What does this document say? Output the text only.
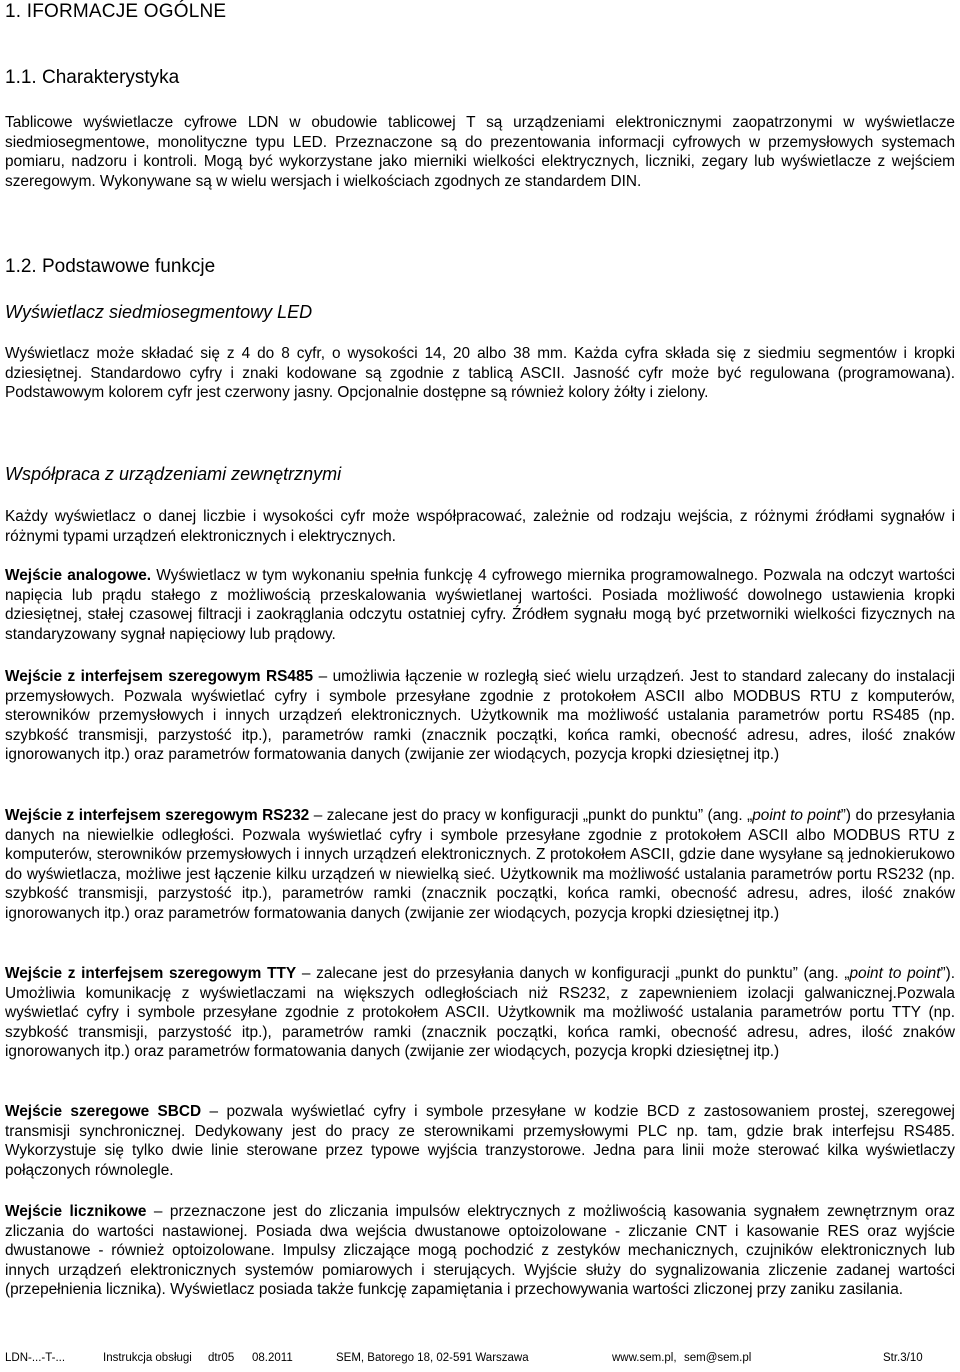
1. IFORMACJE OGÓLNE
1.1. Charakterystyka

Tablicowe wyświetlacze cyfrowe LDN w obudowie tablicowej T są urządzeniami elektronicznymi zaopatrzonymi w wyświetlacze siedmiosegmentowe, monolityczne typu LED. Przeznaczone są do prezentowania informacji cyfrowych w przemysłowych systemach pomiaru, nadzoru i kontroli. Mogą być wykorzystane jako mierniki wielkości elektrycznych, liczniki, zegary lub wyświetlacze z wejściem szeregowym. Wykonywane są w wielu wersjach i wielkościach zgodnych ze standardem DIN.

1.2. Podstawowe funkcje
Wyświetlacz siedmiosegmentowy LED

Wyświetlacz może składać się z 4 do 8 cyfr, o wysokości 14, 20 albo 38 mm. Każda cyfra składa się z siedmiu segmentów i kropki dziesiętnej. Standardowo cyfry i znaki kodowane są zgodnie z tablicą ASCII. Jasność cyfr może być regulowana (programowana). Podstawowym kolorem cyfr jest czerwony jasny. Opcjonalnie dostępne są również kolory żółty i zielony.

Współpraca z urządzeniami zewnętrznymi

Każdy wyświetlacz o danej liczbie i wysokości cyfr może współpracować, zależnie od rodzaju wejścia, z różnymi źródłami sygnałów i różnymi typami urządzeń elektronicznych i elektrycznych.

Wejście analogowe. Wyświetlacz w tym wykonaniu spełnia funkcję 4 cyfrowego miernika programowalnego. Pozwala na odczyt wartości napięcia lub prądu stałego z możliwością przeskalowania wyświetlanej wartości. Posiada możliwość dowolnego ustawienia kropki dziesiętnej, stałej czasowej filtracji i zaokrąglania odczytu ostatniej cyfry. Źródłem sygnału mogą być przetworniki wielkości fizycznych na standaryzowany sygnał napięciowy lub prądowy.

Wejście z interfejsem szeregowym RS485 – umożliwia łączenie w rozległą sieć wielu urządzeń. Jest to standard zalecany do instalacji przemysłowych. Pozwala wyświetlać cyfry i symbole przesyłane zgodnie z protokołem ASCII albo MODBUS RTU z komputerów, sterowników przemysłowych i innych urządzeń elektronicznych. Użytkownik ma możliwość ustalania parametrów portu RS485 (np. szybkość transmisji, parzystość itp.), parametrów ramki (znacznik początki, końca ramki, obecność adresu, adres, ilość znaków ignorowanych itp.) oraz parametrów formatowania danych (zwijanie zer wiodących, pozycja kropki dziesiętnej itp.)

Wejście z interfejsem szeregowym RS232 – zalecane jest do pracy w konfiguracji „punkt do punktu” (ang. „point to point”) do przesyłania danych na niewielkie odległości. Pozwala wyświetlać cyfry i symbole przesyłane zgodnie z protokołem ASCII albo MODBUS RTU z komputerów, sterowników przemysłowych i innych urządzeń elektronicznych. Z protokołem ASCII, gdzie dane wysyłane są jednokierukowo do wyświetlacza, możliwe jest łączenie kilku urządzeń w niewielką sieć. Użytkownik ma możliwość ustalania parametrów portu RS232 (np. szybkość transmisji, parzystość itp.), parametrów ramki (znacznik początki, końca ramki, obecność adresu, adres, ilość znaków ignorowanych itp.) oraz parametrów formatowania danych (zwijanie zer wiodących, pozycja kropki dziesiętnej itp.)

Wejście z interfejsem szeregowym TTY – zalecane jest do przesyłania danych w konfiguracji „punkt do punktu” (ang. „point to point”). Umożliwia komunikację z wyświetlaczami na większych odległościach niż RS232, z zapewnieniem izolacji galwanicznej.Pozwala wyświetlać cyfry i symbole przesyłane zgodnie z protokołem ASCII. Użytkownik ma możliwość ustalania parametrów portu TTY (np. szybkość transmisji, parzystość itp.), parametrów ramki (znacznik początki, końca ramki, obecność adresu, adres, ilość znaków ignorowanych itp.) oraz parametrów formatowania danych (zwijanie zer wiodących, pozycja kropki dziesiętnej itp.)

Wejście szeregowe SBCD – pozwala wyświetlać cyfry i symbole przesyłane w kodzie BCD z zastosowaniem prostej, szeregowej transmisji synchronicznej. Dedykowany jest do pracy ze sterownikami przemysłowymi PLC np. tam, gdzie brak interfejsu RS485. Wykorzystuje się tylko dwie linie sterowane przez typowe wyjścia tranzystorowe. Jedna para linii może sterować kilka wyświetlaczy połączonych równolegle.

Wejście licznikowe – przeznaczone jest do zliczania impulsów elektrycznych z możliwością kasowania sygnałem zewnętrznym oraz zliczania do wartości nastawionej. Posiada dwa wejścia dwustanowe optoizolowane - zliczanie CNT i kasowanie RES oraz wyjście dwustanowe - również optoizolowane. Impulsy zliczające mogą pochodzić z zestyków mechanicznych, czujników elektronicznych lub innych urządzeń elektronicznych systemów pomiarowych i sterujących. Wyjście służy do sygnalizowania zliczenie zadanej wartości (przepełnienia licznika). Wyświetlacz posiada także funkcję zapamiętania i przechowywania wartości zliczonej przy zaniku zasilania.

LDN-...-T-...	Instrukcja obsługi dtr05 08.2011	SEM, Batorego 18, 02-591 Warszawa	www.sem.pl, sem@sem.pl	Str.3/10
